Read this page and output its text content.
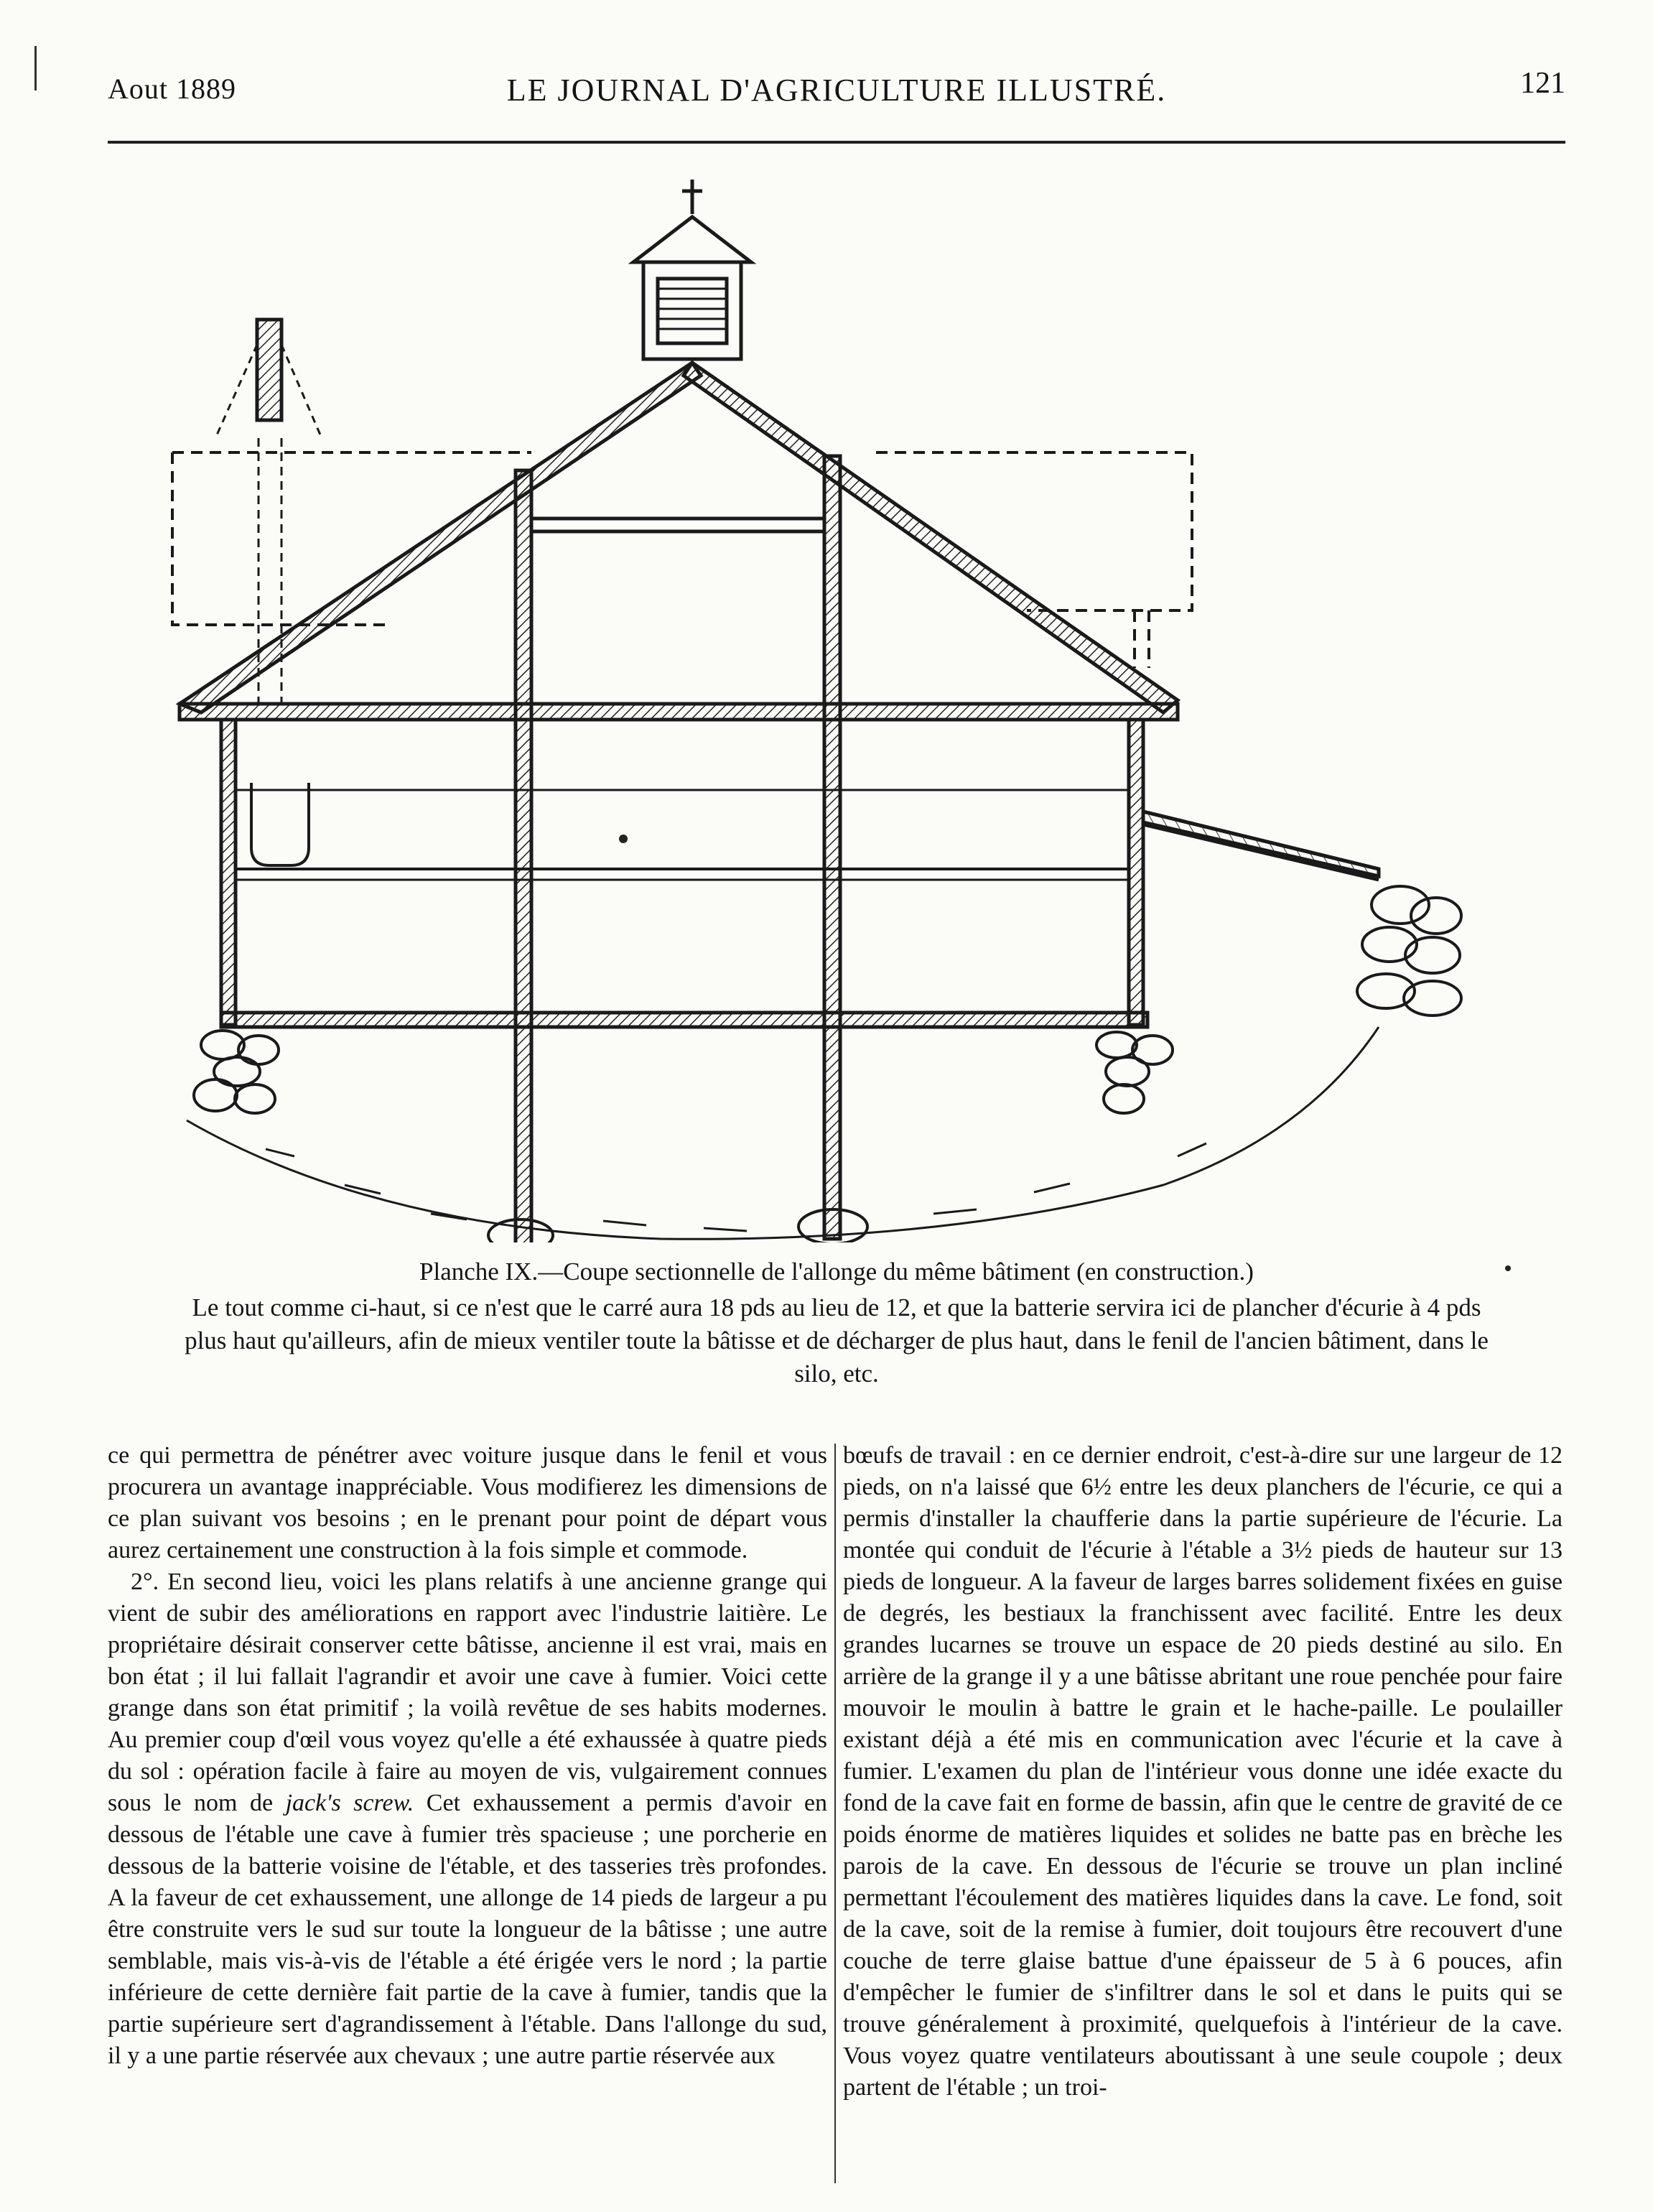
Aout 1889	LE JOURNAL D'AGRICULTURE ILLUSTRÉ.	121
Planche IX.—Coupe sectionnelle de l'allonge du même bâtiment (en construction.)
Le tout comme ci-haut, si ce n'est que le carré aura 18 pds au lieu de 12, et que la batterie servira ici de plancher d'écurie à 4 pds plus haut qu'ailleurs, afin de mieux ventiler toute la bâtisse et de décharger de plus haut, dans le fenil de l'ancien bâtiment, dans le silo, etc.

ce qui permettra de pénétrer avec voiture jusque dans le fenil et vous procurera un avantage inappréciable. Vous modifierez les dimensions de ce plan suivant vos besoins ; en le prenant pour point de départ vous aurez certainement une construction à la fois simple et commode.

2°. En second lieu, voici les plans relatifs à une ancienne grange qui vient de subir des améliorations en rapport avec l'industrie laitière. Le propriétaire désirait conserver cette bâtisse, ancienne il est vrai, mais en bon état ; il lui fallait l'agrandir et avoir une cave à fumier. Voici cette grange dans son état primitif ; la voilà revêtue de ses habits modernes. Au premier coup d'œil vous voyez qu'elle a été exhaussée à quatre pieds du sol : opération facile à faire au moyen de vis, vulgairement connues sous le nom de jack's screw. Cet exhaussement a permis d'avoir en dessous de l'étable une cave à fumier très spacieuse ; une porcherie en dessous de la batterie voisine de l'étable, et des tasseries très profondes. A la faveur de cet exhaussement, une allonge de 14 pieds de largeur a pu être construite vers le sud sur toute la longueur de la bâtisse ; une autre semblable, mais vis-à-vis de l'étable a été érigée vers le nord ; la partie inférieure de cette dernière fait partie de la cave à fumier, tandis que la partie supérieure sert d'agrandissement à l'étable. Dans l'allonge du sud, il y a une partie réservée aux chevaux ; une autre partie réservée aux

bœufs de travail : en ce dernier endroit, c'est-à-dire sur une largeur de 12 pieds, on n'a laissé que 6½ entre les deux planchers de l'écurie, ce qui a permis d'installer la chaufferie dans la partie supérieure de l'écurie. La montée qui conduit de l'écurie à l'étable a 3½ pieds de hauteur sur 13 pieds de longueur. A la faveur de larges barres solidement fixées en guise de degrés, les bestiaux la franchissent avec facilité. Entre les deux grandes lucarnes se trouve un espace de 20 pieds destiné au silo. En arrière de la grange il y a une bâtisse abritant une roue penchée pour faire mouvoir le moulin à battre le grain et le hache-paille. Le poulailler existant déjà a été mis en communication avec l'écurie et la cave à fumier. L'examen du plan de l'intérieur vous donne une idée exacte du fond de la cave fait en forme de bassin, afin que le centre de gravité de ce poids énorme de matières liquides et solides ne batte pas en brèche les parois de la cave. En dessous de l'écurie se trouve un plan incliné permettant l'écoulement des matières liquides dans la cave. Le fond, soit de la cave, soit de la remise à fumier, doit toujours être recouvert d'une couche de terre glaise battue d'une épaisseur de 5 à 6 pouces, afin d'empêcher le fumier de s'infiltrer dans le sol et dans le puits qui se trouve généralement à proximité, quelquefois à l'intérieur de la cave. Vous voyez quatre ventilateurs aboutissant à une seule coupole ; deux partent de l'étable ; un troi-
